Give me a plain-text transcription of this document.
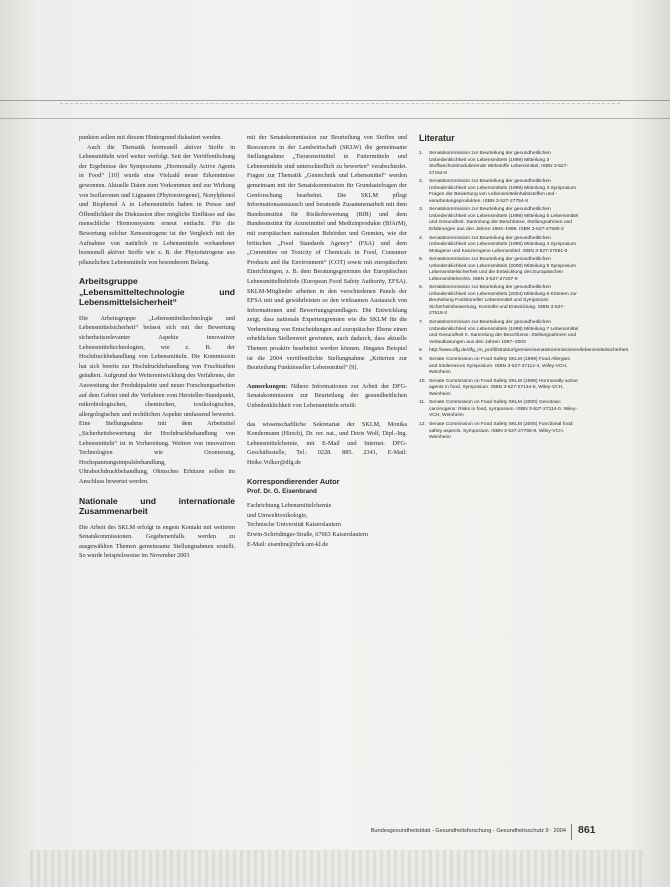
punkten sollen mit diesem Hintergrund diskutiert werden.

Auch die Thematik hormonell aktiver Stoffe in Lebensmitteln wird weiter verfolgt. Seit der Veröffentlichung der Ergebnisse des Symposiums „Hormonally Active Agents in Food“ [10] wurde eine Vielzahl neuer Erkenntnisse gewonnen. Aktuelle Daten zum Vorkommen und zur Wirkung von Isoflavonen und Lignanen (Phytoestrogene), Nonylphenol und Bisphenol A in Lebensmitteln haben in Presse und Öffentlichkeit die Diskussion über mögliche Einflüsse auf das menschliche Hormonsystem erneut entfacht. Für die Bewertung solcher Xenoestrogene ist der Vergleich mit der Aufnahme von natürlich in Lebensmitteln vorhandener hormonell aktiver Stoffe wie z. B. der Phytoöstrogene aus pflanzlichen Lebensmitteln von besonderem Belang.

Arbeitsgruppe „Lebensmitteltechnologie und Lebensmittelsicherheit“

Die Arbeitsgruppe „Lebensmitteltechnologie und Lebensmittelsicherheit“ befasst sich mit der Bewertung sicherheitsrelevanter Aspekte innovativer Lebensmitteltechnologien, wie z. B. der Hochdruckbehandlung von Lebensmitteln. Die Kommission hat sich bereits zur Hochdruckbehandlung von Fruchtsäften geäußert. Aufgrund der Weiterentwicklung des Verfahrens, der Ausweitung der Produktpalette und neuer Forschungsarbeiten auf dem Gebiet sind die Verfahren vom Hersteller-Standpunkt, mikrobiologischen, chemischen, toxikologischen, allergologischen und rechtlichen Aspekte umfassend bewertet. Eine Stellungnahme mit dem Arbeitstitel „Sicherheitsbewertung der Hochdruckbehandlung von Lebensmitteln“ ist in Vorbereitung. Weitere von innovativen Technologien wie Ozonierung, Hochspannungsimpulsbehandlung, Ultrahochdruckbehandlung, Ohmsches Erhitzen sollen im Anschluss bewertet werden.

Nationale und internationale Zusammenarbeit

Die Arbeit des SKLM erfolgt in engem Kontakt mit weiteren Senatskommissionen. Gegebenenfalls werden zu ausgewählten Themen gemeinsame Stellungnahmen erstellt. So wurde beispielsweise im November 2003

mit der Senatskommission zur Beurteilung von Stoffen und Ressourcen in der Landwirtschaft (SKLW) die gemeinsame Stellungnahme „Tierarzneimittel in Futtermitteln und Lebensmitteln sind unterschiedlich zu bewerten“ verabschiedet. Fragen zur Thematik „Gentechnik und Lebensmittel“ werden gemeinsam mit der Senatskommission für Grundsatzfragen der Genforschung bearbeitet. Die SKLM pflegt Informationsaustausch und beratende Zusammenarbeit mit dem Bundesinstitut für Risikobewertung (BfR) und dem Bundesinstitut für Arzneimittel und Medizinprodukte (BfArM), mit europäischen nationalen Behörden und Gremien, wie der britischen „Food Standards Agency“ (FSA) und dem „Committee on Toxicity of Chemicals in Food, Consumer Products and the Environment“ (COT) sowie mit europäischen Einrichtungen, z. B. dem Beratungsgremium der Europäischen Lebensmittelbehörde (European Food Safety Authority, EFSA). SKLM-Mitglieder arbeiten in den verschiedenen Panels der EFSA mit und gewährleisten so den wirksamen Austausch von Informationen und Bewertungsgrundlagen. Die Entwicklung zeigt, dass nationale Expertengremien wie die SKLM für die Vorbereitung von Entscheidungen auf europäischer Ebene einen erheblichen Stellenwert gewinnen, auch dadurch, dass aktuelle Themen proaktiv bearbeitet werden können. Jüngstes Beispiel ist die 2004 veröffentlichte Stellungnahme „Kriterien zur Beurteilung Funktioneller Lebensmittel“ [9].

Anmerkungen: Nähere Informationen zur Arbeit der DFG-Senatskommission zur Beurteilung der gesundheitlichen Unbedenklichkeit von Lebensmitteln erteilt:

das wissenschaftliche Sekretariat der SKLM, Monika Kondermann (Hirsch), Dr. rer. nat., und Doris Wolf, Dipl.-Ing. Lebensmittelchemie, mit E-Mail und Internet. DFG-Geschäftsstelle, Tel.: 0228. 885. 2341, E-Mail: Heike.Volker@dfg.de

Korrespondierender Autor
Prof. Dr. G. Eisenbrand
Fachrichtung Lebensmittelchemie
und Umwelttoxikologie,
Technische Universität Kaiserslautern
Erwin-Schrödinger-Straße, 67663 Kaiserslautern
E-Mail: eisenbra@rhrk.uni-kl.de
Literatur
1. Senatskommission zur Beurteilung der gesundheitlichen Unbedenklichkeit von Lebensmitteln (1999) Mitteilung 3 Stoffwechselmodulierende Wirkstoffe Lebensmittel, ISBN 3-527-27152-8
2. Senatskommission zur Beurteilung der gesundheitlichen Unbedenklichkeit von Lebensmitteln (1999) Mitteilung 3 Symposium Fragen der Bewertung von Lebensmittelinhaltsstoffen und -verarbeitungsprodukten. ISBN 3-527-27754-8
3. Senatskommission zur Beurteilung der gesundheitlichen Unbedenklichkeit von Lebensmitteln (1999) Mitteilung 5 Lebensmittel und Gesundheit. Sammlung der Beschlüsse, Stellungnahmen und Erklärungen aus den Jahren 1984–1996. ISBN 3-527-27590-2
4. Senatskommission zur Beurteilung der gesundheitlichen Unbedenklichkeit von Lebensmitteln (1996) Mitteilung 4 Symposium Mutagene und Kanzerogene Lebensmittel. ISBN 3-527-27591-0
5. Senatskommission zur Beurteilung der gesundheitlichen Unbedenklichkeit von Lebensmitteln (2000) Mitteilung 5 Symposium Lebensmittelsicherheit und die Entwicklung des Europäischen Lebensmittelrechts. ISBN 3-527-27207-9
6. Senatskommission zur Beurteilung der gesundheitlichen Unbedenklichkeit von Lebensmitteln (2004) Mitteilung 6 Kriterien zur Beurteilung Funktioneller Lebensmittel und Symposium Sicherheitsbewertung, Kontrolle und Entwicklung. ISBN 3-527-27519-3
7. Senatskommission zur Beurteilung der gesundheitlichen Unbedenklichkeit von Lebensmitteln (1998) Mitteilung 7 Lebensmittel und Gesundheit II. Sammlung der Beschlüsse, Stellungnahmen und Verlautbarungen aus den Jahren 1997–2003
8. http://www.dfg.de/dfg_im_profil/struktur/gremien/senatskommissionen/lebensmittelsicherheit
9. Senate Commission on Food Safety SKLM (1999) Food Allergies and Intolerances Symposium. ISBN 3-527-27112-4, Wiley-VCH, Weinheim
10. Senate Commission on Food Safety SKLM (1998) Hormonally active agents in food, Symposium. ISBN 3-527-27134-5, Wiley-VCH, Weinheim
11. Senate Commission on Food Safety SKLM (2000) Genotoxic carcinogens: Risks in food, symposium. ISBN 3-527-27114-0, Wiley-VCH, Weinheim
12. Senate Commission on Food Safety SKLM (2006) Functional food: safety aspects. Symposium. ISBN 3-527-27765-9, Wiley-VCH, Weinheim
Bundesgesundheitsblatt - Gesundheitsforschung - Gesundheitsschutz 9 · 2004 861
